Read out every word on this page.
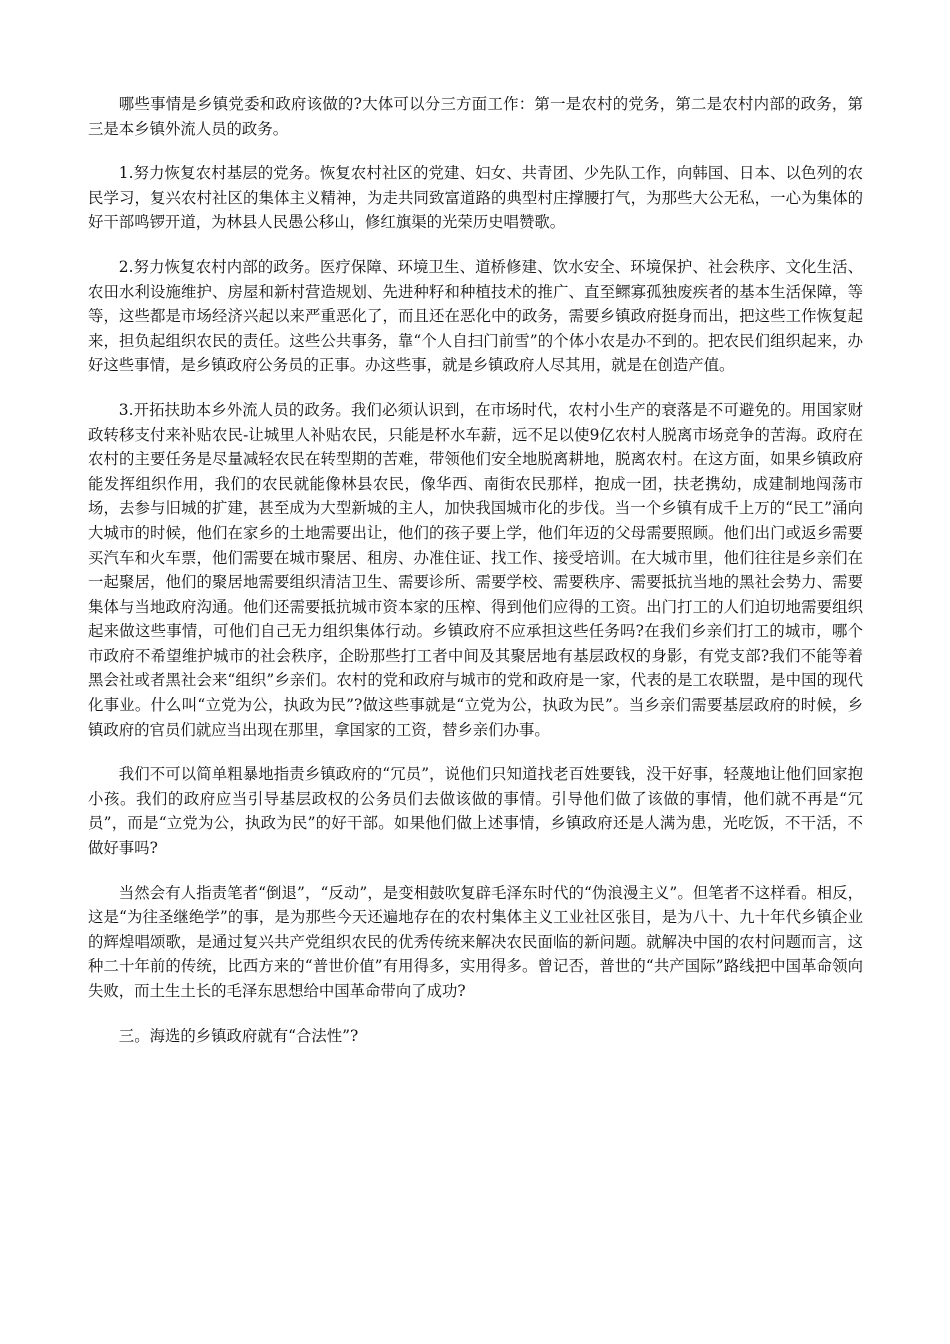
哪些事情是乡镇党委和政府该做的?大体可以分三方面工作：第一是农村的党务，第二是农村内部的政务，第三是本乡镇外流人员的政务。

1.努力恢复农村基层的党务。恢复农村社区的党建、妇女、共青团、少先队工作，向韩国、日本、以色列的农民学习，复兴农村社区的集体主义精神，为走共同致富道路的典型村庄撑腰打气，为那些大公无私，一心为集体的好干部鸣锣开道，为林县人民愚公移山，修红旗渠的光荣历史唱赞歌。

2.努力恢复农村内部的政务。医疗保障、环境卫生、道桥修建、饮水安全、环境保护、社会秩序、文化生活、农田水利设施维护、房屋和新村营造规划、先进种籽和种植技术的推广、直至鳏寡孤独废疾者的基本生活保障，等等，这些都是市场经济兴起以来严重恶化了，而且还在恶化中的政务，需要乡镇政府挺身而出，把这些工作恢复起来，担负起组织农民的责任。这些公共事务，靠“个人自扫门前雪”的个体小农是办不到的。把农民们组织起来，办好这些事情，是乡镇政府公务员的正事。办这些事，就是乡镇政府人尽其用，就是在创造产值。

3.开拓扶助本乡外流人员的政务。我们必须认识到，在市场时代，农村小生产的衰落是不可避免的。用国家财政转移支付来补贴农民-让城里人补贴农民，只能是杯水车薪，远不足以使9亿农村人脱离市场竞争的苦海。政府在农村的主要任务是尽量减轻农民在转型期的苦难，带领他们安全地脱离耕地，脱离农村。在这方面，如果乡镇政府能发挥组织作用，我们的农民就能像林县农民，像华西、南街农民那样，抱成一团，扶老携幼，成建制地闯荡市场，去参与旧城的扩建，甚至成为大型新城的主人，加快我国城市化的步伐。当一个乡镇有成千上万的“民工”涌向大城市的时候，他们在家乡的土地需要出让，他们的孩子要上学，他们年迈的父母需要照顾。他们出门或返乡需要买汽车和火车票，他们需要在城市聚居、租房、办准住证、找工作、接受培训。在大城市里，他们往往是乡亲们在一起聚居，他们的聚居地需要组织清洁卫生、需要诊所、需要学校、需要秩序、需要抵抗当地的黑社会势力、需要集体与当地政府沟通。他们还需要抵抗城市资本家的压榨、得到他们应得的工资。出门打工的人们迫切地需要组织起来做这些事情，可他们自己无力组织集体行动。乡镇政府不应承担这些任务吗?在我们乡亲们打工的城市，哪个市政府不希望维护城市的社会秩序，企盼那些打工者中间及其聚居地有基层政权的身影，有党支部?我们不能等着黑会社或者黑社会来“组织”乡亲们。农村的党和政府与城市的党和政府是一家，代表的是工农联盟，是中国的现代化事业。什么叫“立党为公，执政为民”?做这些事就是“立党为公，执政为民”。当乡亲们需要基层政府的时候，乡镇政府的官员们就应当出现在那里，拿国家的工资，替乡亲们办事。

我们不可以简单粗暴地指责乡镇政府的“冗员”，说他们只知道找老百姓要钱，没干好事，轻蔑地让他们回家抱小孩。我们的政府应当引导基层政权的公务员们去做该做的事情。引导他们做了该做的事情，他们就不再是“冗员”，而是“立党为公，执政为民”的好干部。如果他们做上述事情，乡镇政府还是人满为患，光吃饭，不干活，不做好事吗?

当然会有人指责笔者“倒退”，“反动”，是变相鼓吹复辟毛泽东时代的“伪浪漫主义”。但笔者不这样看。相反，这是“为往圣继绝学”的事，是为那些今天还遍地存在的农村集体主义工业社区张目，是为八十、九十年代乡镇企业的辉煌唱颂歌，是通过复兴共产党组织农民的优秀传统来解决农民面临的新问题。就解决中国的农村问题而言，这种二十年前的传统，比西方来的“普世价值”有用得多，实用得多。曾记否，普世的“共产国际”路线把中国革命领向失败，而土生土长的毛泽东思想给中国革命带向了成功?

三。海选的乡镇政府就有“合法性”?
